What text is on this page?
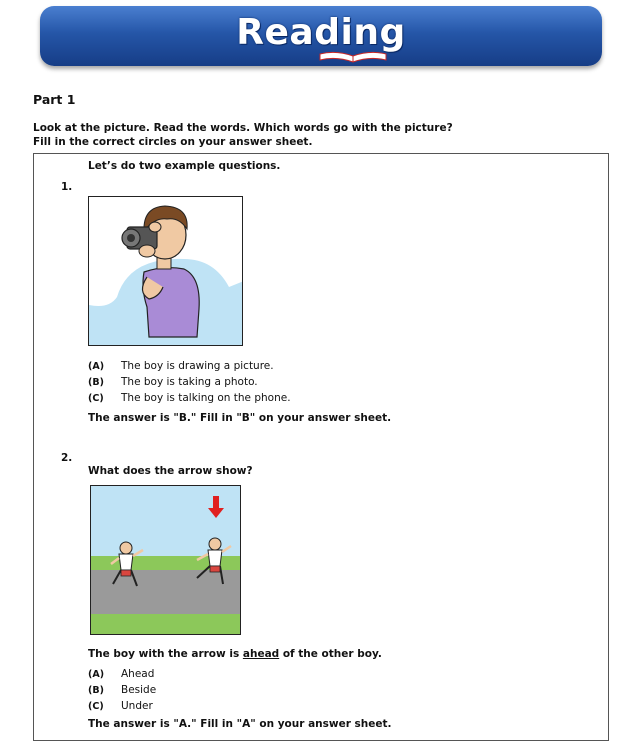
Reading
Part 1
Look at the picture. Read the words. Which words go with the picture?
Fill in the correct circles on your answer sheet.
Let’s do two example questions.
1.
(A) The boy is drawing a picture.
(B) The boy is taking a photo.
(C) The boy is talking on the phone.
The answer is "B." Fill in "B" on your answer sheet.
2.
What does the arrow show?
The boy with the arrow is ahead of the other boy.
(A) Ahead
(B) Beside
(C) Under
The answer is "A." Fill in "A" on your answer sheet.
